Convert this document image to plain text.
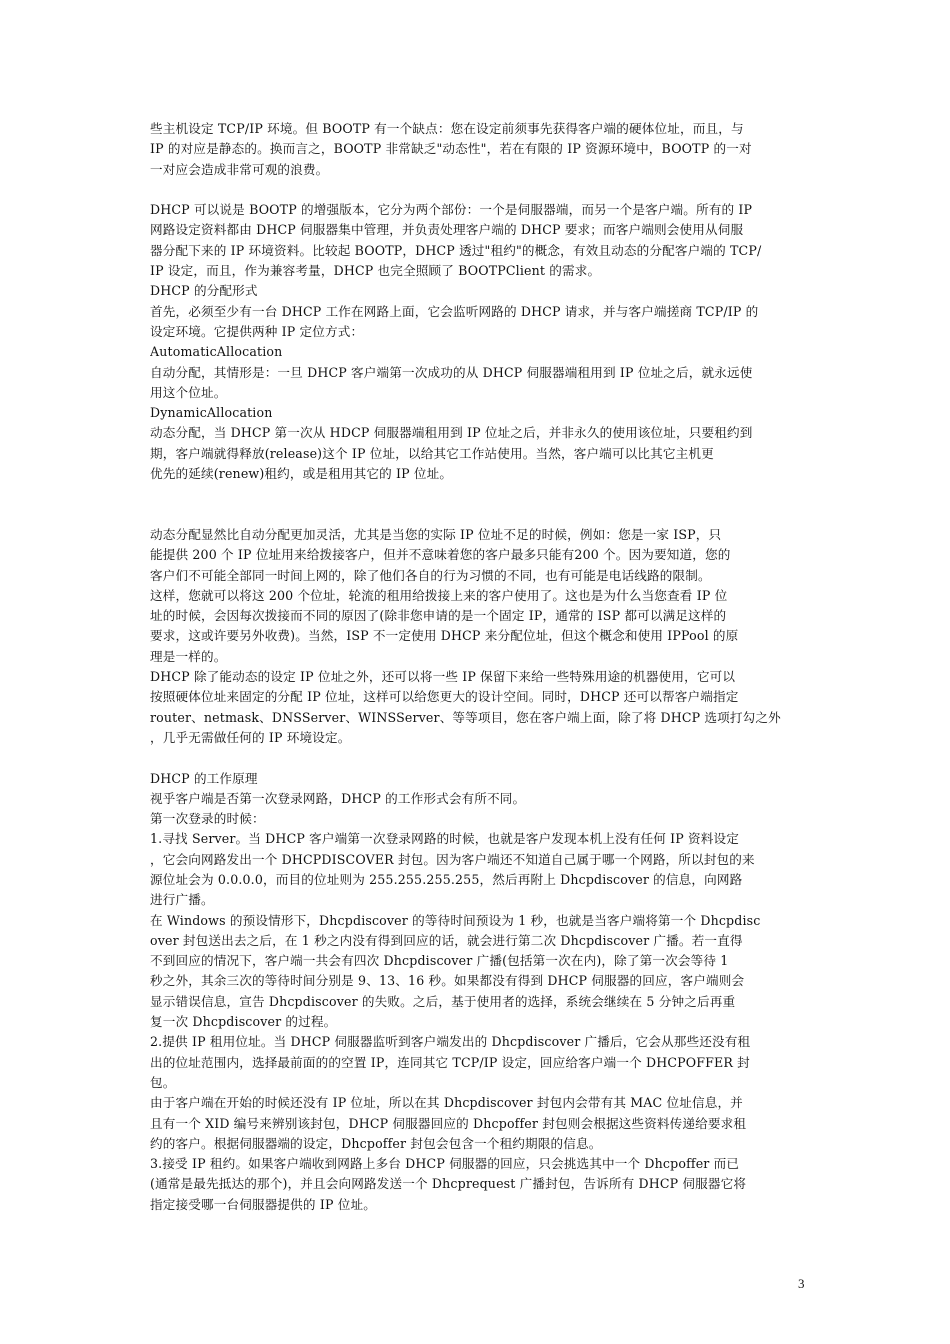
些主机设定 TCP/IP 环境。但 BOOTP 有一个缺点：您在设定前须事先获得客户端的硬体位址，而且，与
IP 的对应是静态的。换而言之，BOOTP 非常缺乏"动态性"，若在有限的 IP 资源环境中，BOOTP 的一对
一对应会造成非常可观的浪费。
DHCP 可以说是 BOOTP 的增强版本，它分为两个部份：一个是伺服器端，而另一个是客户端。所有的 IP
网路设定资料都由 DHCP 伺服器集中管理，并负责处理客户端的 DHCP 要求；而客户端则会使用从伺服
器分配下来的 IP 环境资料。比较起 BOOTP，DHCP 透过"租约"的概念，有效且动态的分配客户端的 TCP/
IP 设定，而且，作为兼容考量，DHCP 也完全照顾了 BOOTPClient 的需求。
DHCP 的分配形式
首先，必须至少有一台 DHCP 工作在网路上面，它会监听网路的 DHCP 请求，并与客户端搓商 TCP/IP 的
设定环境。它提供两种 IP 定位方式：
AutomaticAllocation
自动分配，其情形是：一旦 DHCP 客户端第一次成功的从 DHCP 伺服器端租用到 IP 位址之后，就永远使
用这个位址。
DynamicAllocation
动态分配，当 DHCP 第一次从 HDCP 伺服器端租用到 IP 位址之后，并非永久的使用该位址，只要租约到
期，客户端就得释放(release)这个 IP 位址，以给其它工作站使用。当然，客户端可以比其它主机更
优先的延续(renew)租约，或是租用其它的 IP 位址。
动态分配显然比自动分配更加灵活，尤其是当您的实际 IP 位址不足的时候，例如：您是一家 ISP，只
能提供 200 个 IP 位址用来给拨接客户，但并不意味着您的客户最多只能有200 个。因为要知道，您的
客户们不可能全部同一时间上网的，除了他们各自的行为习惯的不同，也有可能是电话线路的限制。
这样，您就可以将这 200 个位址，轮流的租用给拨接上来的客户使用了。这也是为什么当您查看 IP 位
址的时候，会因每次拨接而不同的原因了(除非您申请的是一个固定 IP，通常的 ISP 都可以满足这样的
要求，这或许要另外收费)。当然，ISP 不一定使用 DHCP 来分配位址，但这个概念和使用 IPPool 的原
理是一样的。
DHCP 除了能动态的设定 IP 位址之外，还可以将一些 IP 保留下来给一些特殊用途的机器使用，它可以
按照硬体位址来固定的分配 IP 位址，这样可以给您更大的设计空间。同时，DHCP 还可以帮客户端指定
router、netmask、DNSServer、WINSServer、等等项目，您在客户端上面，除了将 DHCP 选项打勾之外
，几乎无需做任何的 IP 环境设定。
DHCP 的工作原理
视乎客户端是否第一次登录网路，DHCP 的工作形式会有所不同。
第一次登录的时候：
1.寻找 Server。当 DHCP 客户端第一次登录网路的时候，也就是客户发现本机上没有任何 IP 资料设定
，它会向网路发出一个 DHCPDISCOVER 封包。因为客户端还不知道自己属于哪一个网路，所以封包的来
源位址会为 0.0.0.0，而目的位址则为 255.255.255.255，然后再附上 Dhcpdiscover 的信息，向网路
进行广播。
在 Windows 的预设情形下，Dhcpdiscover 的等待时间预设为 1 秒，也就是当客户端将第一个 Dhcpdisc
over 封包送出去之后，在 1 秒之内没有得到回应的话，就会进行第二次 Dhcpdiscover 广播。若一直得
不到回应的情况下，客户端一共会有四次 Dhcpdiscover 广播(包括第一次在内)，除了第一次会等待 1
秒之外，其余三次的等待时间分别是 9、13、16 秒。如果都没有得到 DHCP 伺服器的回应，客户端则会
显示错误信息，宣告 Dhcpdiscover 的失败。之后，基于使用者的选择，系统会继续在 5 分钟之后再重
复一次 Dhcpdiscover 的过程。
2.提供 IP 租用位址。当 DHCP 伺服器监听到客户端发出的 Dhcpdiscover 广播后，它会从那些还没有租
出的位址范围内，选择最前面的的空置 IP，连同其它 TCP/IP 设定，回应给客户端一个 DHCPOFFER 封
包。
由于客户端在开始的时候还没有 IP 位址，所以在其 Dhcpdiscover 封包内会带有其 MAC 位址信息，并
且有一个 XID 编号来辨别该封包，DHCP 伺服器回应的 Dhcpoffer 封包则会根据这些资料传递给要求租
约的客户。根据伺服器端的设定，Dhcpoffer 封包会包含一个租约期限的信息。
3.接受 IP 租约。如果客户端收到网路上多台 DHCP 伺服器的回应，只会挑选其中一个 Dhcpoffer 而已
(通常是最先抵达的那个)，并且会向网路发送一个 Dhcprequest 广播封包，告诉所有 DHCP 伺服器它将
指定接受哪一台伺服器提供的 IP 位址。
3
